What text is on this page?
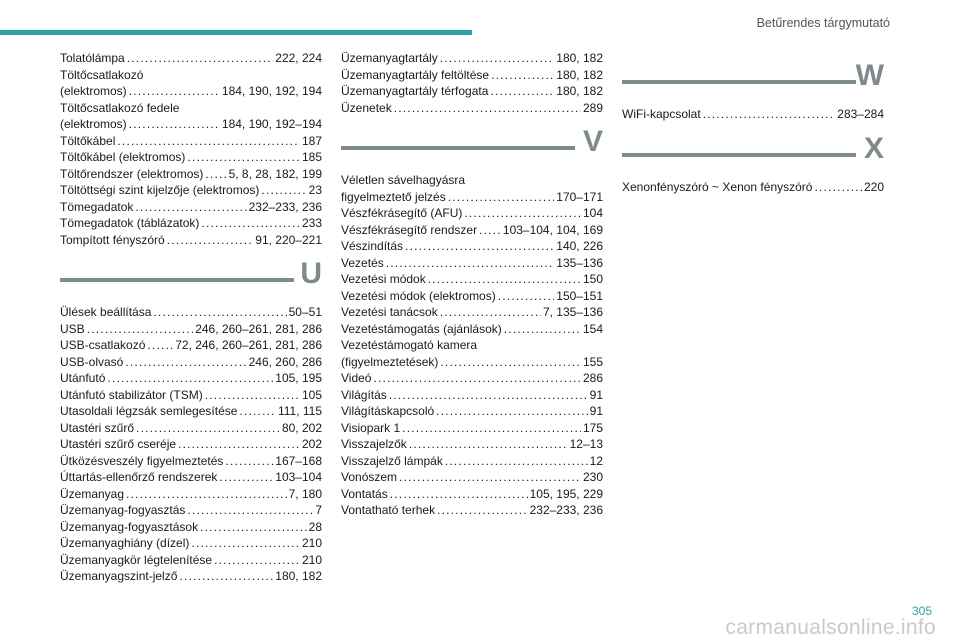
Betűrendes tárgymutató
Tolatólámpa .....	222, 224
Töltőcsatlakozó
(elektromos) .....	184, 190, 192, 194
Töltőcsatlakozó fedele
(elektromos) .....	184, 190, 192–194
Töltőkábel .....	187
Töltőkábel (elektromos) .....	185
Töltőrendszer (elektromos) ..... 5, 8, 28, 182, 199
Töltöttségi szint kijelzője (elektromos) .....	23
Tömegadatok .....	232–233, 236
Tömegadatok (táblázatok) .....	233
Tompított fényszóró .....	91, 220–221
U
Ülések beállítása .....	50–51
USB .....	246, 260–261, 281, 286
USB-csatlakozó ..... 72, 246, 260–261, 281, 286
USB-olvasó .....	246, 260, 286
Utánfutó .....	105, 195
Utánfutó stabilizátor (TSM) .....	105
Utasoldali légzsák semlegesítése .....	111, 115
Utastéri szűrő .....	80, 202
Utastéri szűrő cseréje .....	202
Ütközésveszély figyelmeztetés .....	167–168
Úttartás-ellenőrző rendszerek .....	103–104
Üzemanyag .....	7, 180
Üzemanyag-fogyasztás .....	7
Üzemanyag-fogyasztások .....	28
Üzemanyaghiány (dízel) .....	210
Üzemanyagkör légtelenítése .....	210
Üzemanyagszint-jelző .....	180, 182
Üzemanyagtartály .....	180, 182
Üzemanyagtartály feltöltése .....	180, 182
Üzemanyagtartály térfogata .....	180, 182
Üzenetek .....	289
V
Véletlen sávelhagyásra
figyelmeztető jelzés .....	170–171
Vészfékrásegítő (AFU) .....	104
Vészfékrásegítő rendszer ..... 103–104, 104, 169
Vészindítás .....	140, 226
Vezetés .....	135–136
Vezetési módok .....	150
Vezetési módok (elektromos) .....	150–151
Vezetési tanácsok .....	7, 135–136
Vezetéstámogatás (ajánlások) .....	154
Vezetéstámogató kamera
(figyelmeztetések) .....	155
Videó .....	286
Világítás .....	91
Világításkapcsoló .....	91
Visiopark 1 .....	175
Visszajelzők .....	12–13
Visszajelző lámpák .....	12
Vonószem .....	230
Vontatás .....	105, 195, 229
Vontatható terhek .....	232–233, 236
W
WiFi-kapcsolat .....	283–284
X
Xenonfényszóró ~ Xenon fényszóró .....	220
305
carmanualsonline.info
